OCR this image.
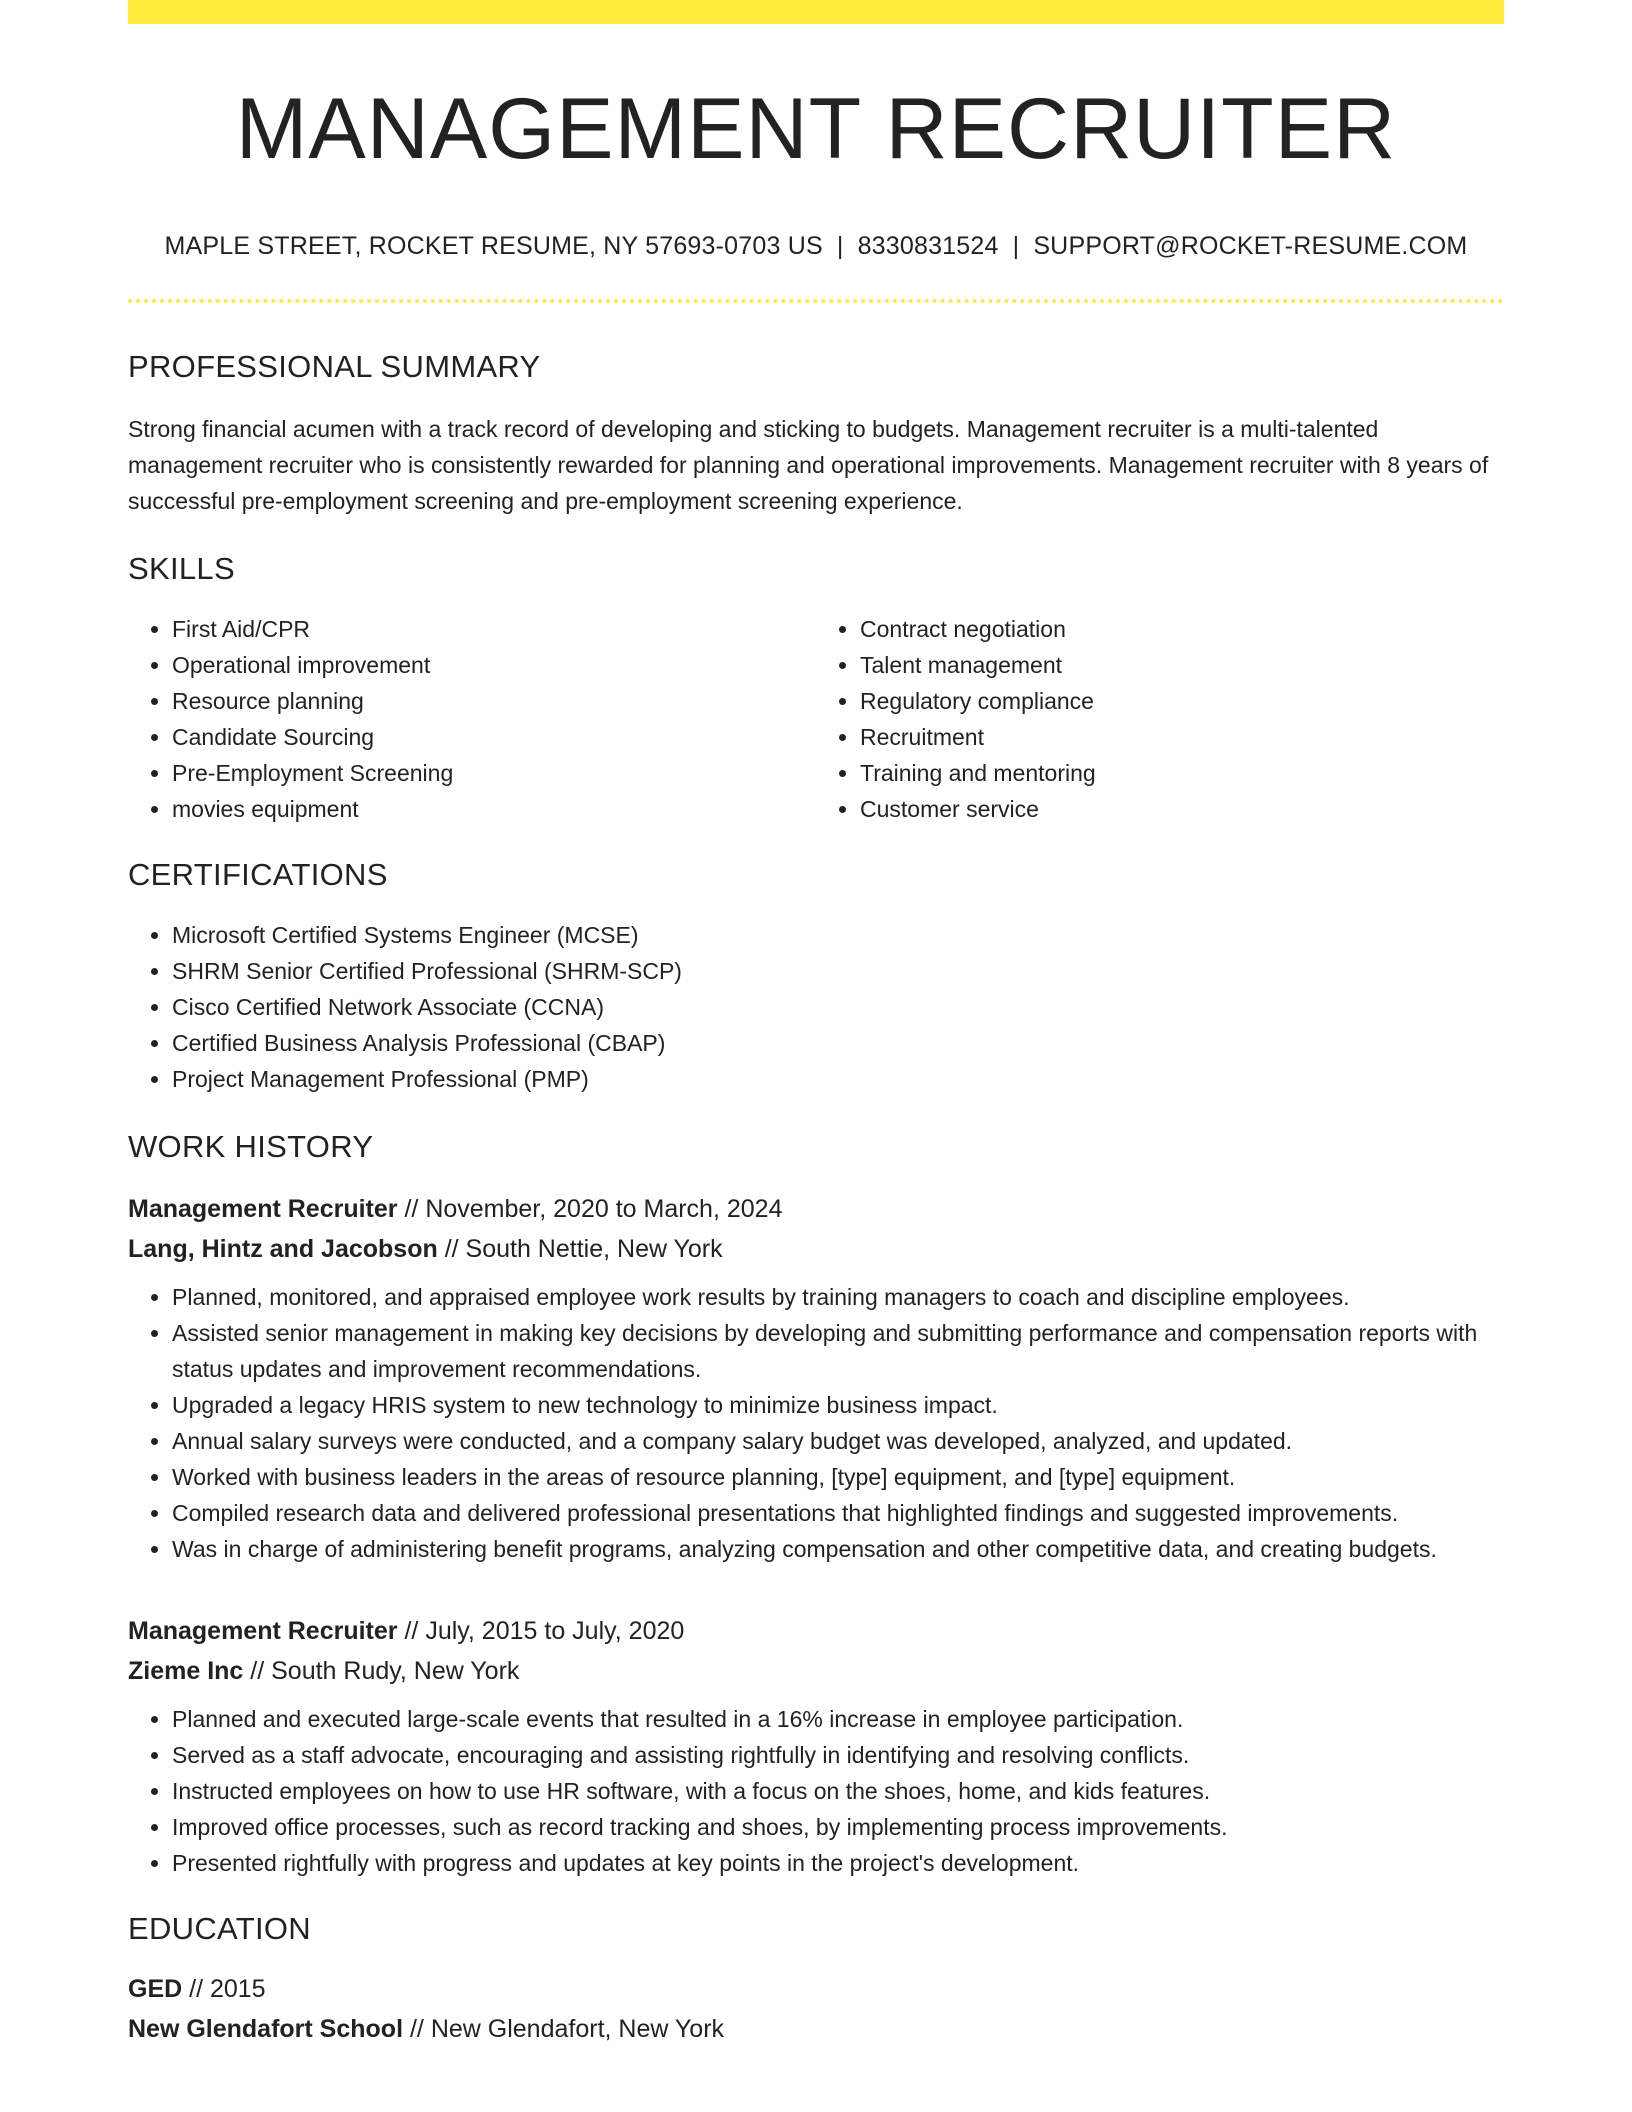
MANAGEMENT RECRUITER
MAPLE STREET, ROCKET RESUME, NY 57693-0703 US | 8330831524 | SUPPORT@ROCKET-RESUME.COM
PROFESSIONAL SUMMARY
Strong financial acumen with a track record of developing and sticking to budgets. Management recruiter is a multi-talented management recruiter who is consistently rewarded for planning and operational improvements. Management recruiter with 8 years of successful pre-employment screening and pre-employment screening experience.
SKILLS
• First Aid/CPR
• Operational improvement
• Resource planning
• Candidate Sourcing
• Pre-Employment Screening
• movies equipment
• Contract negotiation
• Talent management
• Regulatory compliance
• Recruitment
• Training and mentoring
• Customer service
CERTIFICATIONS
• Microsoft Certified Systems Engineer (MCSE)
• SHRM Senior Certified Professional (SHRM-SCP)
• Cisco Certified Network Associate (CCNA)
• Certified Business Analysis Professional (CBAP)
• Project Management Professional (PMP)
WORK HISTORY
Management Recruiter // November, 2020 to March, 2024
Lang, Hintz and Jacobson // South Nettie, New York
• Planned, monitored, and appraised employee work results by training managers to coach and discipline employees.
• Assisted senior management in making key decisions by developing and submitting performance and compensation reports with status updates and improvement recommendations.
• Upgraded a legacy HRIS system to new technology to minimize business impact.
• Annual salary surveys were conducted, and a company salary budget was developed, analyzed, and updated.
• Worked with business leaders in the areas of resource planning, [type] equipment, and [type] equipment.
• Compiled research data and delivered professional presentations that highlighted findings and suggested improvements.
• Was in charge of administering benefit programs, analyzing compensation and other competitive data, and creating budgets.
Management Recruiter // July, 2015 to July, 2020
Zieme Inc // South Rudy, New York
• Planned and executed large-scale events that resulted in a 16% increase in employee participation.
• Served as a staff advocate, encouraging and assisting rightfully in identifying and resolving conflicts.
• Instructed employees on how to use HR software, with a focus on the shoes, home, and kids features.
• Improved office processes, such as record tracking and shoes, by implementing process improvements.
• Presented rightfully with progress and updates at key points in the project's development.
EDUCATION
GED // 2015
New Glendafort School // New Glendafort, New York
